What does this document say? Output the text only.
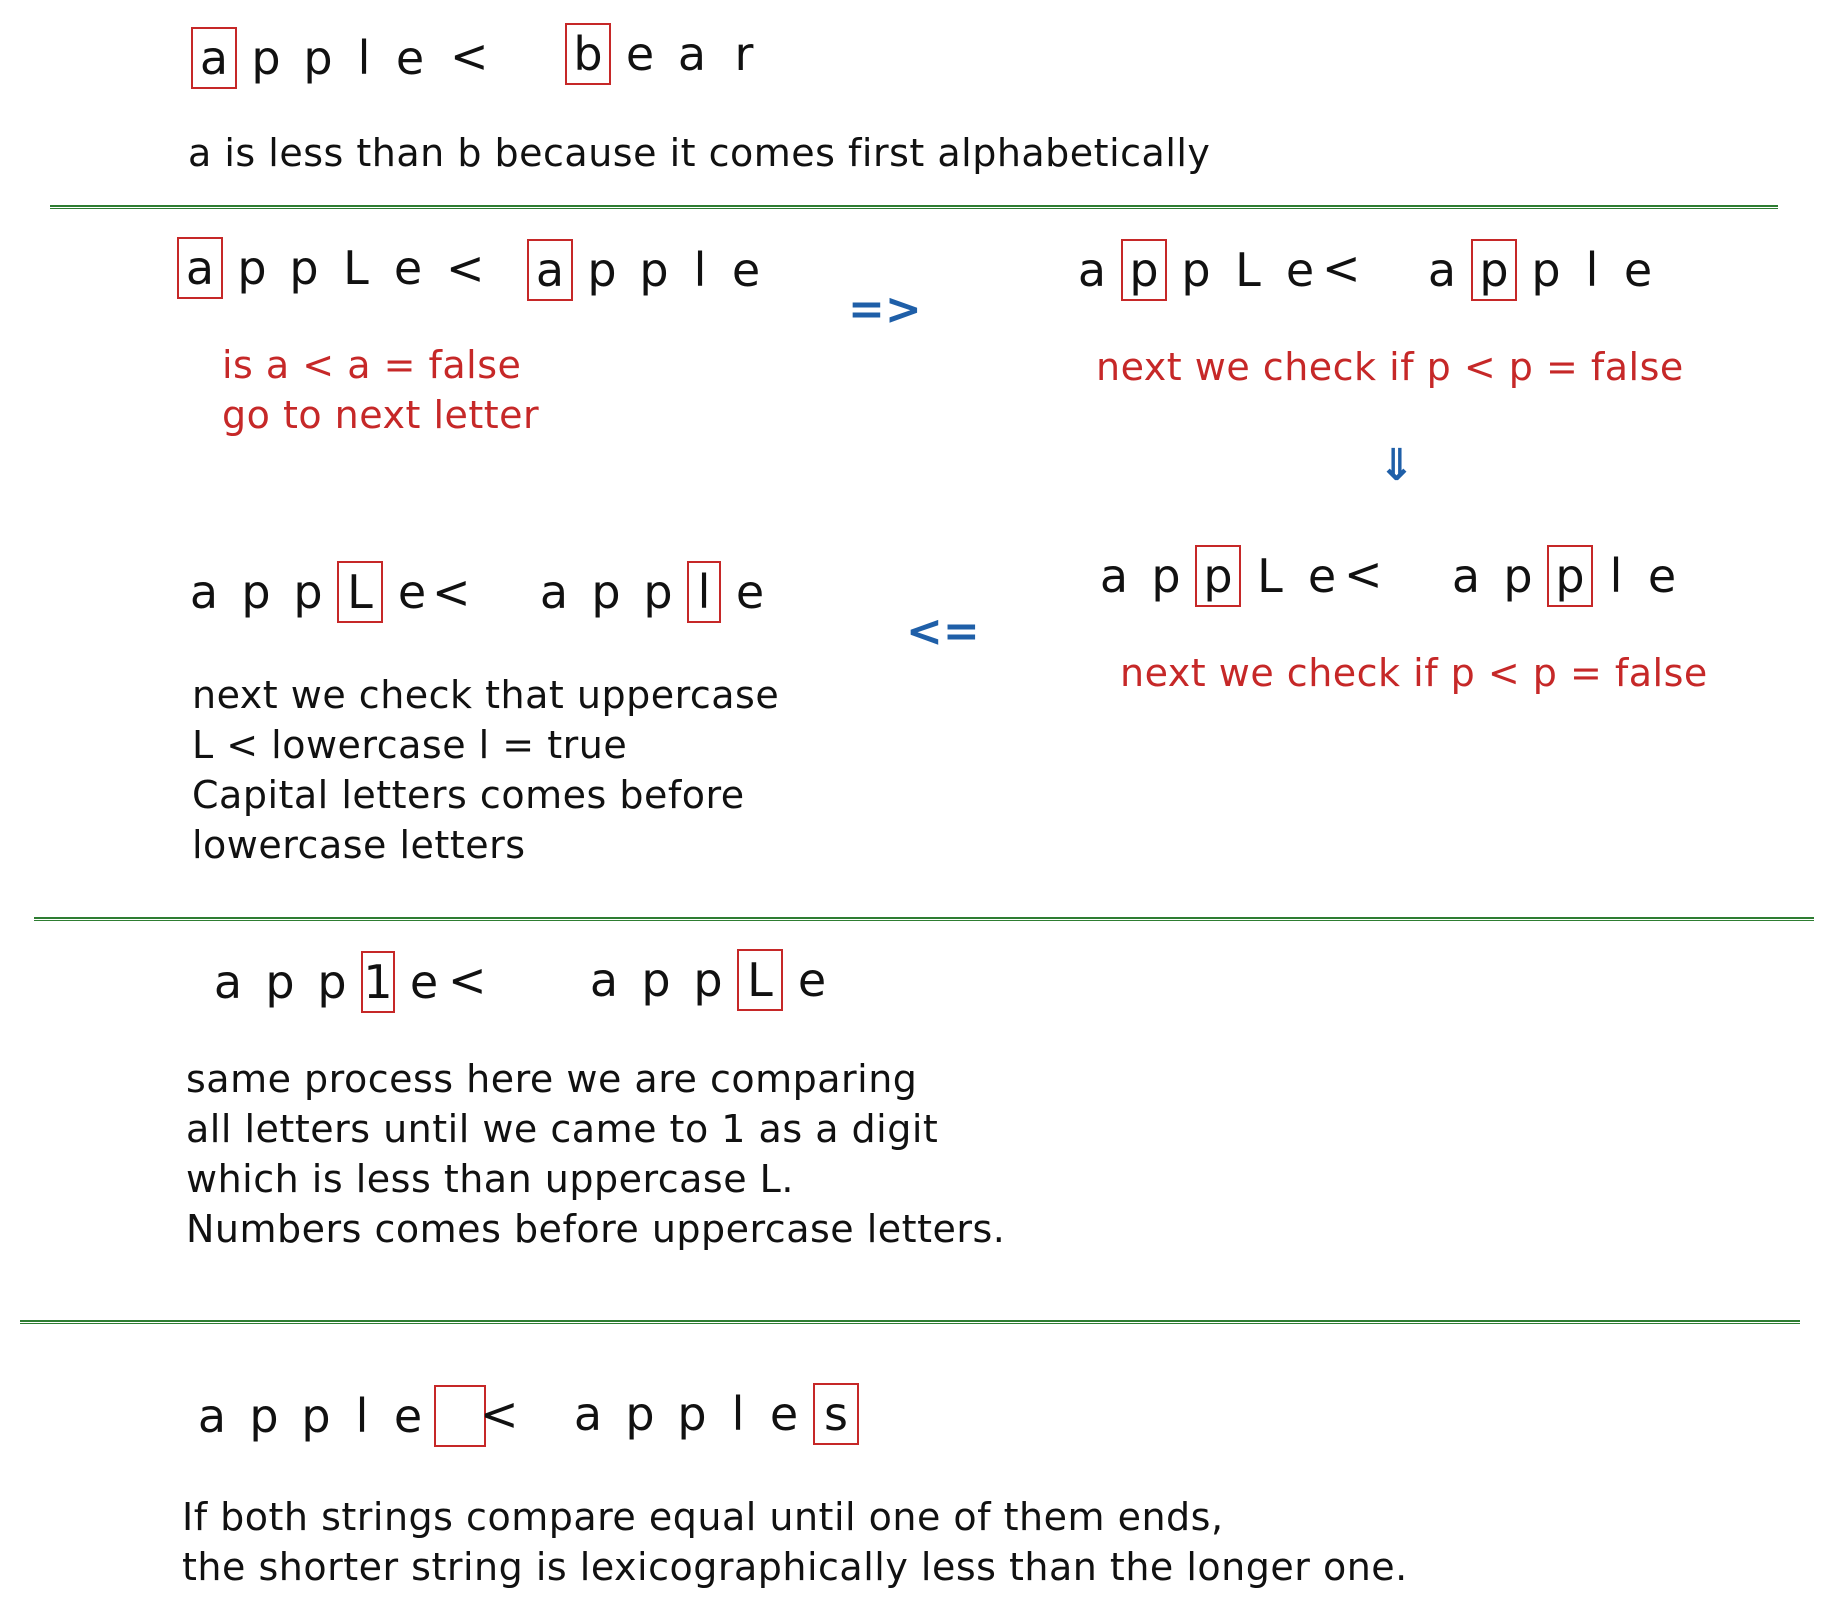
a p p l e < b e a r
a is less than b because it comes first alphabetically
a p p L e < a p p l e
is a < a = false
go to next letter
=>
a p p L e < a p p l e
next we check if p < p = false
⇓
a p p L e < a p p l e
next we check if p < p = false
<=
a p p L e < a p p l e
next we check that uppercase
L < lowercase l = true
Capital letters comes before
lowercase letters
a p p 1 e < a p p L e
same process here we are comparing
all letters until we came to 1 as a digit
which is less than uppercase L.
Numbers comes before uppercase letters.
a p p l e < a p p l e s
If both strings compare equal until one of them ends,
the shorter string is lexicographically less than the longer one.
